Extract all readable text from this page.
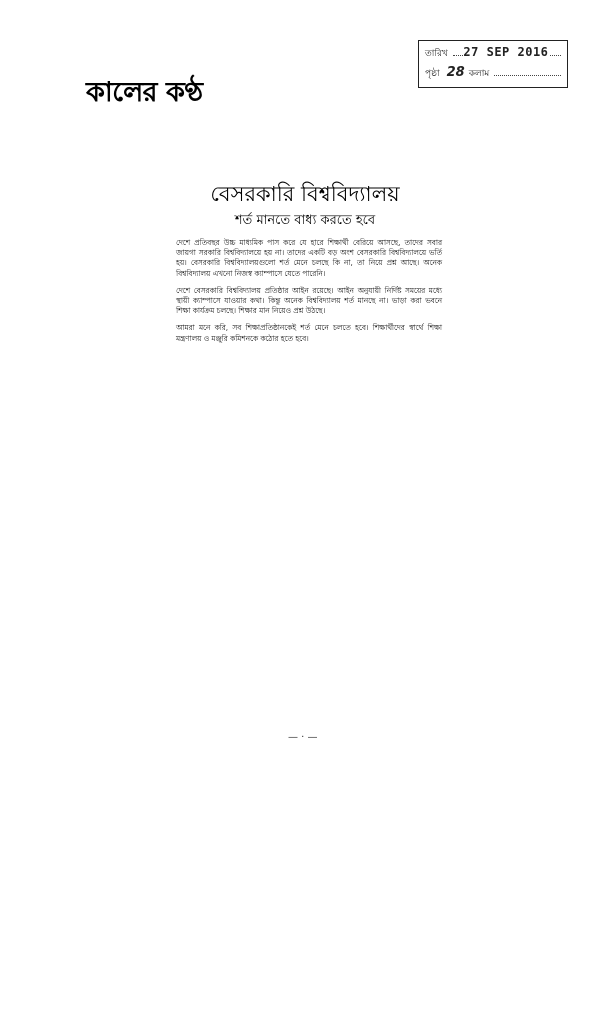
তারিখ 27 SEP 2016
পৃষ্ঠা 28 কলাম
কালের কণ্ঠ
বেসরকারি বিশ্ববিদ্যালয়
শর্ত মানতে বাধ্য করতে হবে

দেশে প্রতিবছর উচ্চ মাধ্যমিক পাস করে যে হারে শিক্ষার্থী বেরিয়ে আসছে, তাদের সবার জায়গা সরকারি বিশ্ববিদ্যালয়ে হয় না। তাদের একটি বড় অংশ বেসরকারি বিশ্ববিদ্যালয়ে ভর্তি হয়। বেসরকারি বিশ্ববিদ্যালয়গুলো শর্ত মেনে চলছে কি না, তা নিয়ে প্রশ্ন আছে। অনেক বিশ্ববিদ্যালয় এখনো নিজস্ব ক্যাম্পাসে যেতে পারেনি।

দেশে বেসরকারি বিশ্ববিদ্যালয় প্রতিষ্ঠার আইন রয়েছে। আইন অনুযায়ী নির্দিষ্ট সময়ের মধ্যে স্থায়ী ক্যাম্পাসে যাওয়ার কথা। কিন্তু অনেক বিশ্ববিদ্যালয় শর্ত মানছে না। ভাড়া করা ভবনে শিক্ষা কার্যক্রম চলছে। শিক্ষার মান নিয়েও প্রশ্ন উঠছে।

আমরা মনে করি, সব শিক্ষাপ্রতিষ্ঠানকেই শর্ত মেনে চলতে হবে। শিক্ষার্থীদের স্বার্থে শিক্ষা মন্ত্রণালয় ও মঞ্জুরি কমিশনকে কঠোর হতে হবে।

— · —
